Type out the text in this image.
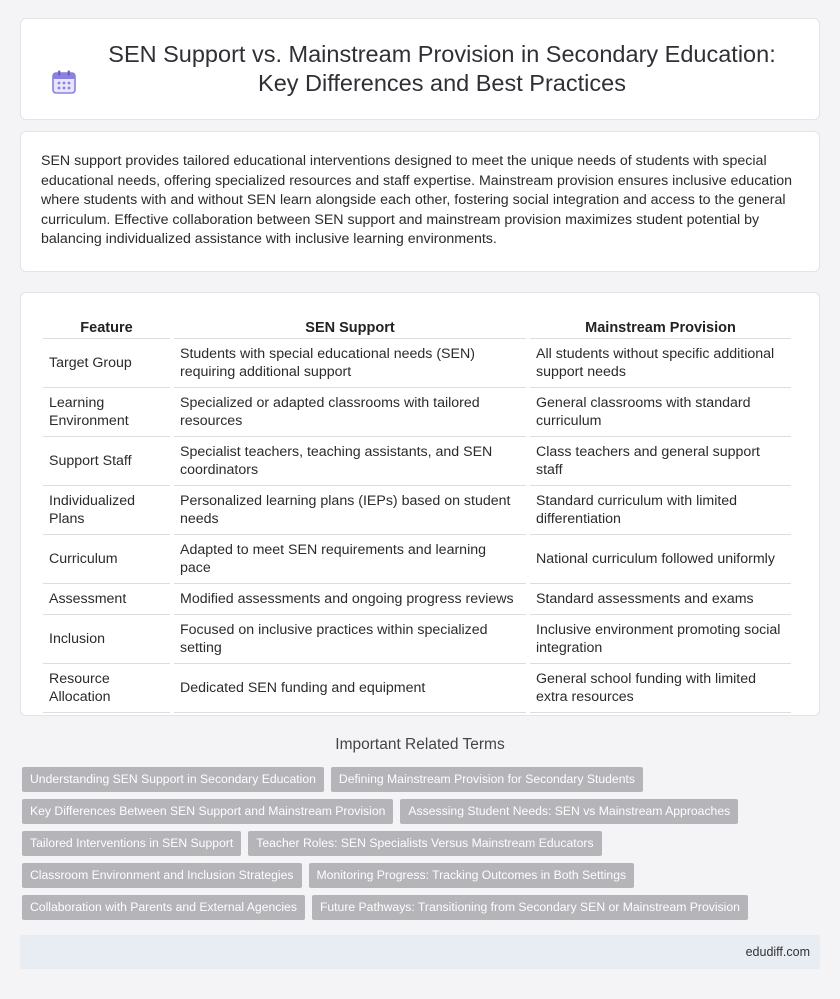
SEN Support vs. Mainstream Provision in Secondary Education: Key Differences and Best Practices

SEN support provides tailored educational interventions designed to meet the unique needs of students with special educational needs, offering specialized resources and staff expertise. Mainstream provision ensures inclusive education where students with and without SEN learn alongside each other, fostering social integration and access to the general curriculum. Effective collaboration between SEN support and mainstream provision maximizes student potential by balancing individualized assistance with inclusive learning environments.

Feature	SEN Support	Mainstream Provision
Target Group	Students with special educational needs (SEN) requiring additional support	All students without specific additional support needs
Learning Environment	Specialized or adapted classrooms with tailored resources	General classrooms with standard curriculum
Support Staff	Specialist teachers, teaching assistants, and SEN coordinators	Class teachers and general support staff
Individualized Plans	Personalized learning plans (IEPs) based on student needs	Standard curriculum with limited differentiation
Curriculum	Adapted to meet SEN requirements and learning pace	National curriculum followed uniformly
Assessment	Modified assessments and ongoing progress reviews	Standard assessments and exams
Inclusion	Focused on inclusive practices within specialized setting	Inclusive environment promoting social integration
Resource Allocation	Dedicated SEN funding and equipment	General school funding with limited extra resources
Important Related Terms
Understanding SEN Support in Secondary Education	Defining Mainstream Provision for Secondary Students
Key Differences Between SEN Support and Mainstream Provision	Assessing Student Needs: SEN vs Mainstream Approaches
Tailored Interventions in SEN Support	Teacher Roles: SEN Specialists Versus Mainstream Educators
Classroom Environment and Inclusion Strategies	Monitoring Progress: Tracking Outcomes in Both Settings
Collaboration with Parents and External Agencies	Future Pathways: Transitioning from Secondary SEN or Mainstream Provision
edudiff.com
